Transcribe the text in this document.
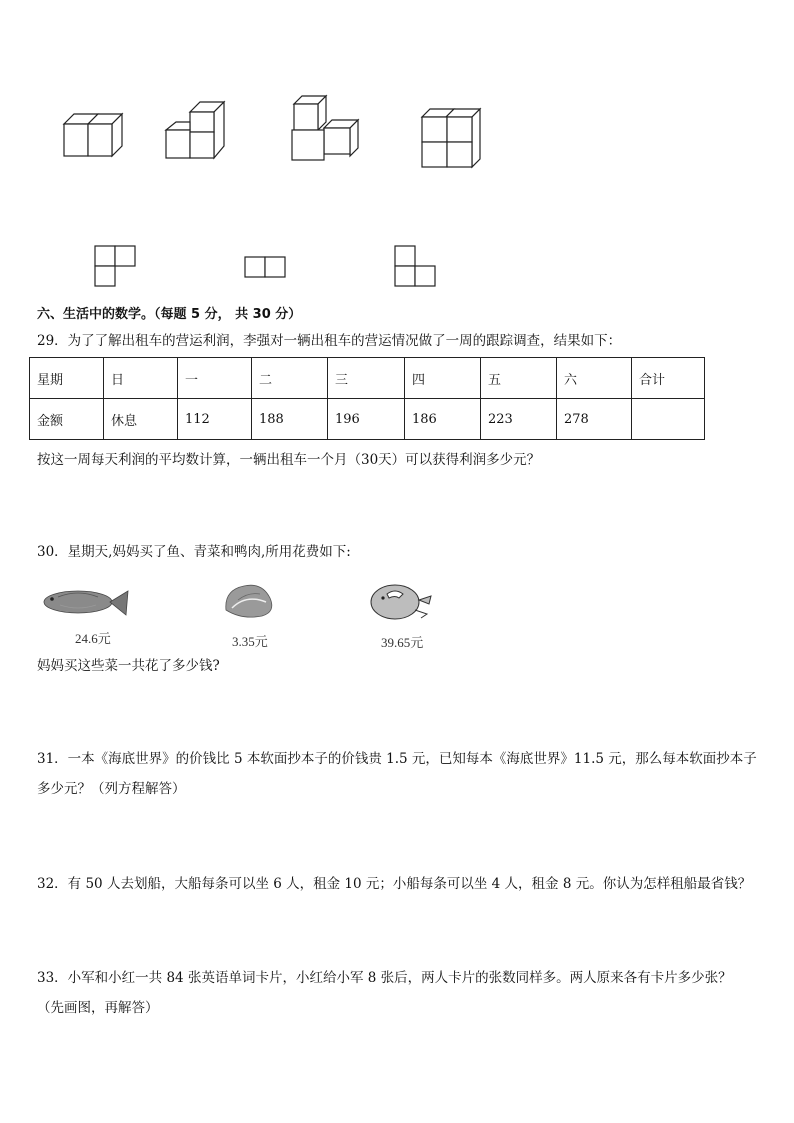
六、生活中的数学。（每题 5 分， 共 30 分）
29．为了了解出租车的营运利润，李强对一辆出租车的营运情况做了一周的跟踪调查，结果如下：
星期	日	一	二	三	四	五	六	合计
金额	休息	112	188	196	186	223	278	
按这一周每天利润的平均数计算，一辆出租车一个月（30天）可以获得利润多少元？
30．星期天,妈妈买了鱼、青菜和鸭肉,所用花费如下:
24.6元	3.35元	39.65元
妈妈买这些菜一共花了多少钱?
31．一本《海底世界》的价钱比 5 本软面抄本子的价钱贵 1.5 元，已知每本《海底世界》11.5 元，那么每本软面抄本子
多少元？（列方程解答）
32．有 50 人去划船，大船每条可以坐 6 人，租金 10 元；小船每条可以坐 4 人，租金 8 元。你认为怎样租船最省钱？
33．小军和小红一共 84 张英语单词卡片，小红给小军 8 张后，两人卡片的张数同样多。两人原来各有卡片多少张？
（先画图，再解答）
